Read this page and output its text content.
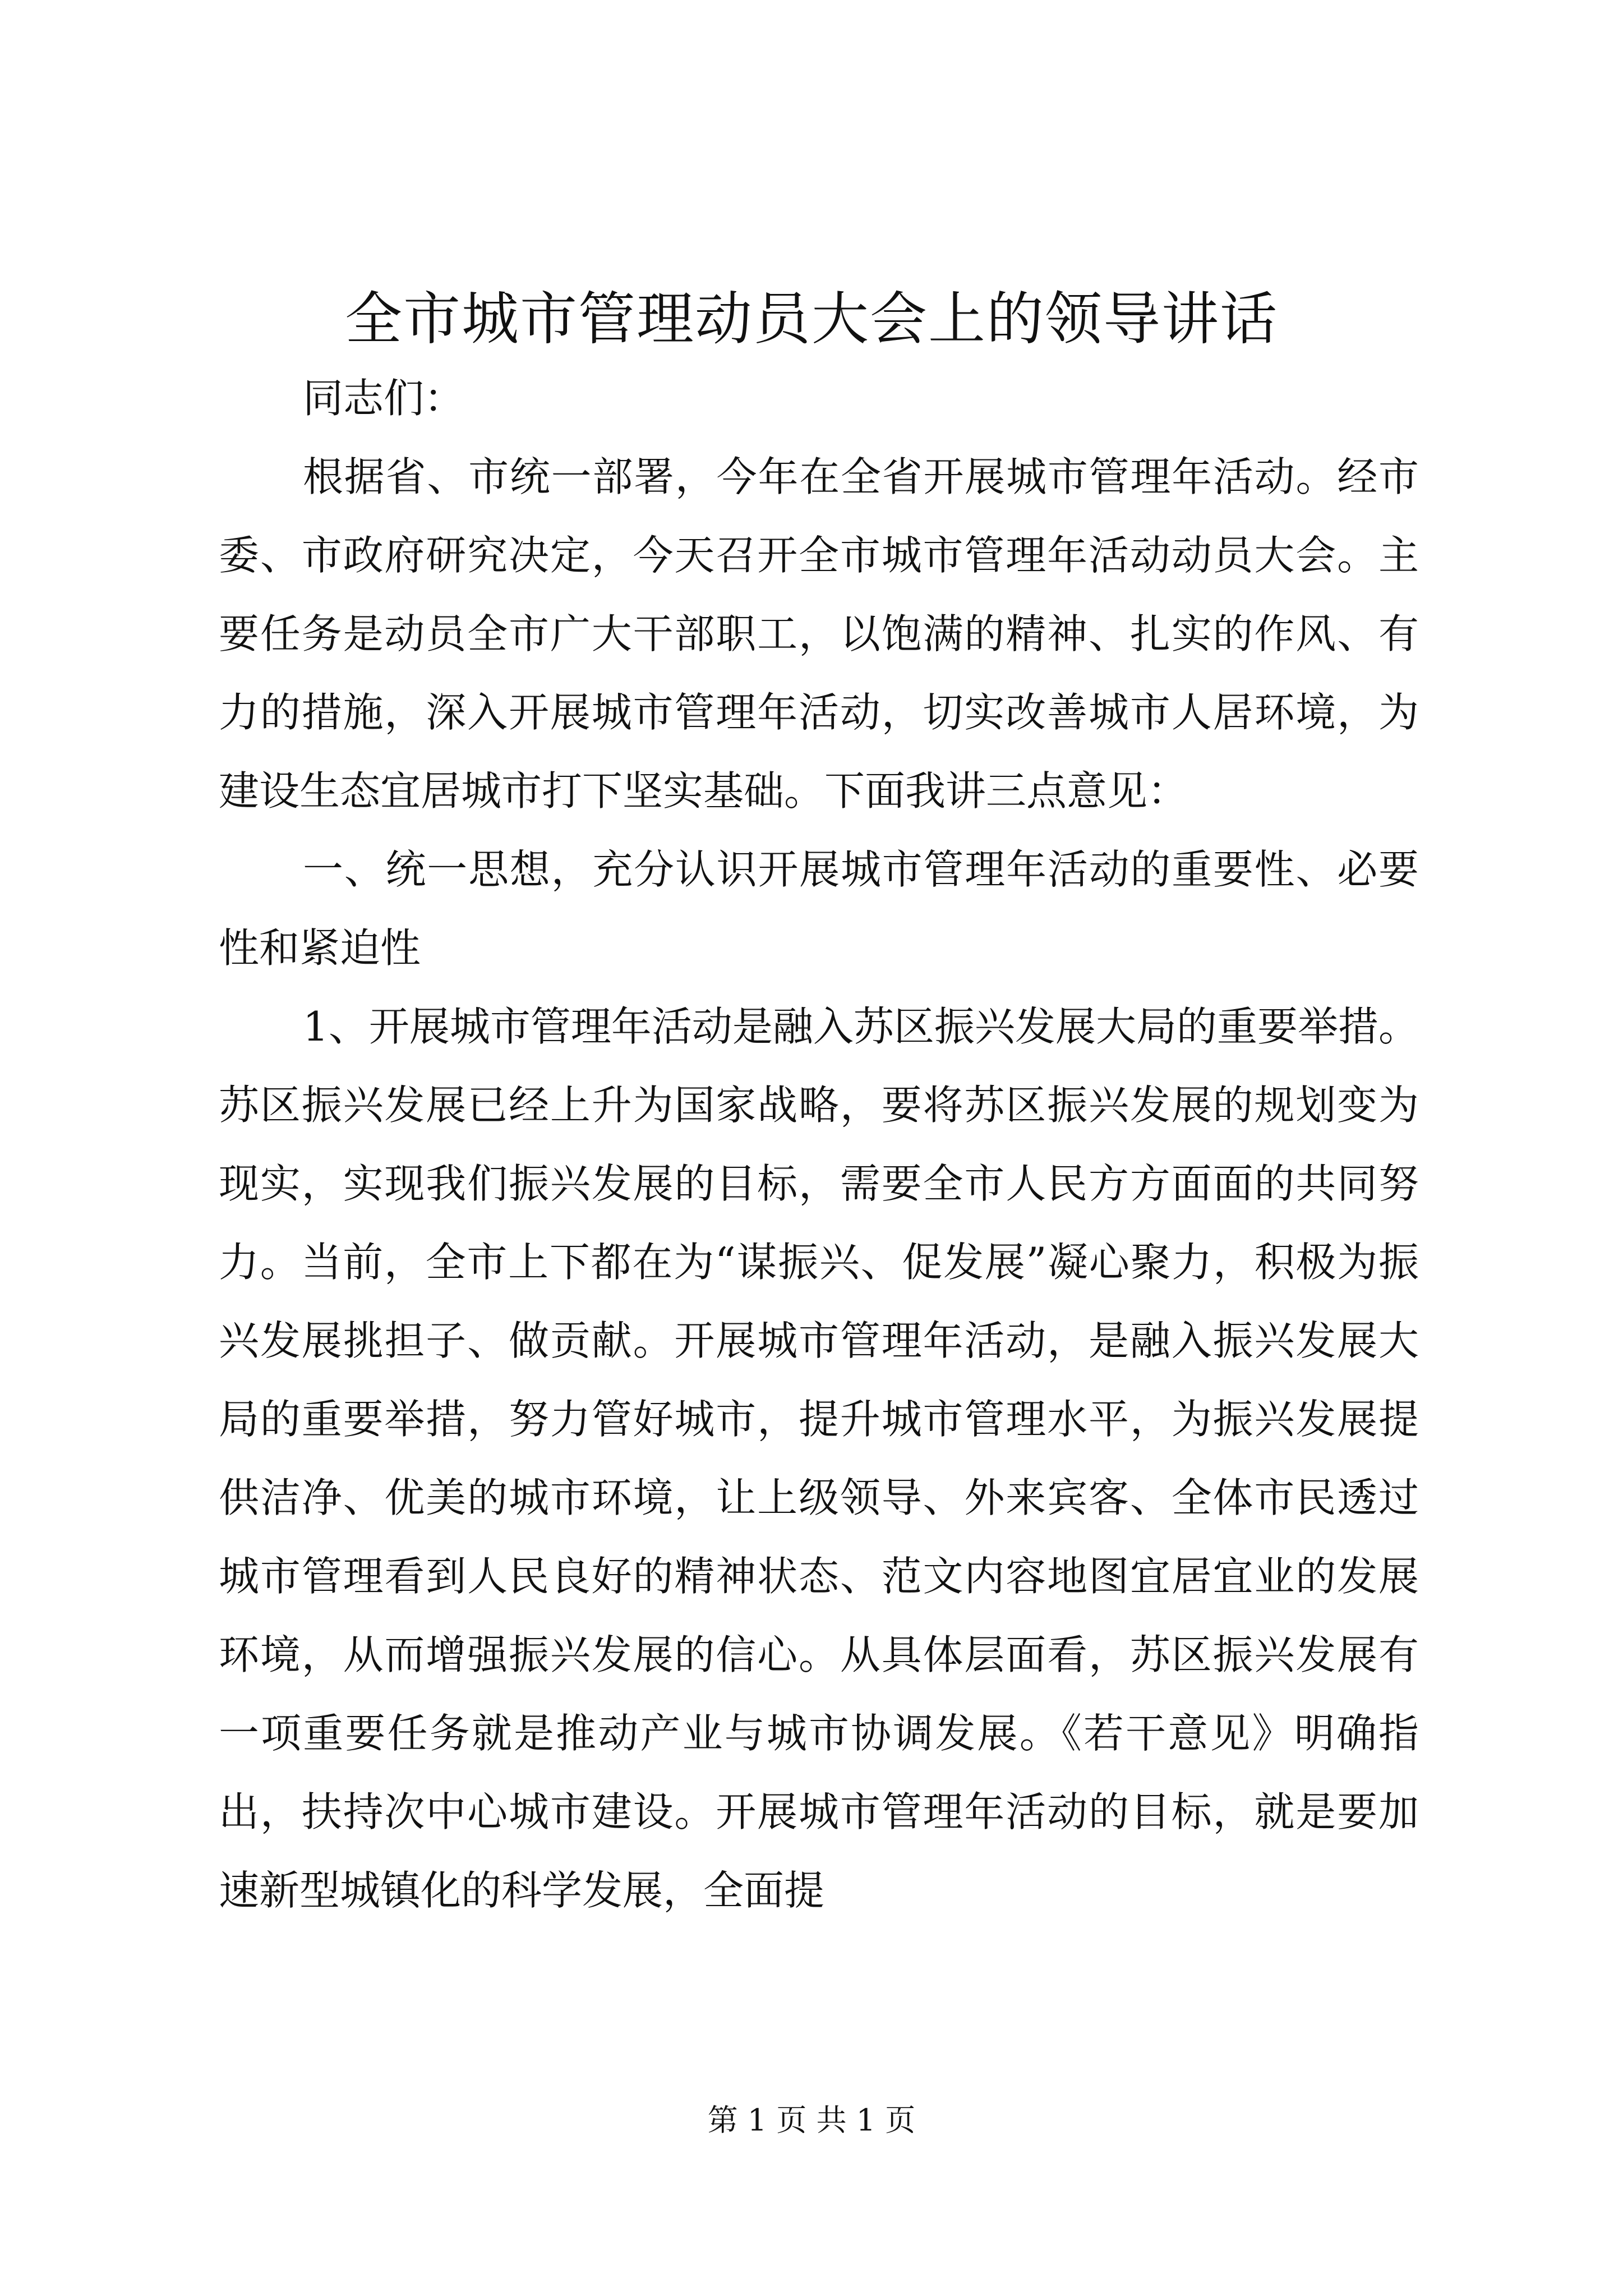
全市城市管理动员大会上的领导讲话

同志们：

根据省、市统一部署，今年在全省开展城市管理年活动。经市委、市政府研究决定，今天召开全市城市管理年活动动员大会。主要任务是动员全市广大干部职工，以饱满的精神、扎实的作风、有力的措施，深入开展城市管理年活动，切实改善城市人居环境，为建设生态宜居城市打下坚实基础。下面我讲三点意见：

一、统一思想，充分认识开展城市管理年活动的重要性、必要性和紧迫性

1、开展城市管理年活动是融入苏区振兴发展大局的重要举措。苏区振兴发展已经上升为国家战略，要将苏区振兴发展的规划变为现实，实现我们振兴发展的目标，需要全市人民方方面面的共同努力。当前，全市上下都在为“谋振兴、促发展”凝心聚力，积极为振兴发展挑担子、做贡献。开展城市管理年活动，是融入振兴发展大局的重要举措，努力管好城市，提升城市管理水平，为振兴发展提供洁净、优美的城市环境，让上级领导、外来宾客、全体市民透过城市管理看到人民良好的精神状态、范文内容地图宜居宜业的发展环境，从而增强振兴发展的信心。从具体层面看，苏区振兴发展有一项重要任务就是推动产业与城市协调发展。《若干意见》明确指出，扶持次中心城市建设。开展城市管理年活动的目标，就是要加速新型城镇化的科学发展，全面提

第 1 页 共 1 页
